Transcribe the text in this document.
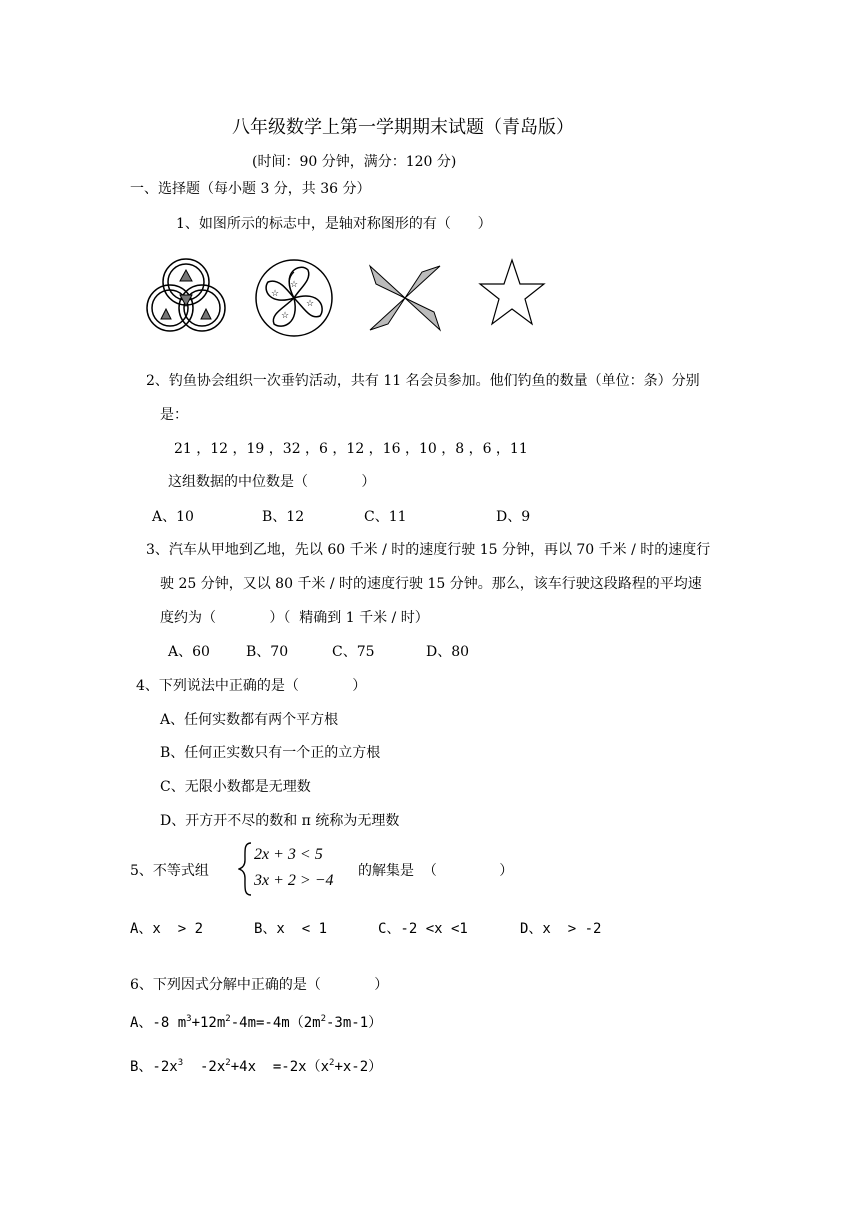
八年级数学上第一学期期末试题（青岛版）
(时间：90 分钟，满分：120 分)
一、选择题（每小题 3 分，共 36 分）
1、如图所示的标志中，是轴对称图形的有（      ）
☆
☆
☆
☆
2、钓鱼协会组织一次垂钓活动，共有 11 名会员参加。他们钓鱼的数量（单位：条）分别
是：
21 ，12 ，19 ，32 ，6 ，12 ，16 ，10 ，8 ，6 ，11
这组数据的中位数是（            ）
A、10	B、12	C、11	D、9
3、汽车从甲地到乙地，先以 60 千米 / 时的速度行驶 15 分钟，再以 70 千米 / 时的速度行
驶 25 分钟，又以 80 千米 / 时的速度行驶 15 分钟。那么，该车行驶这段路程的平均速
度约为（            ）（  精确到 1 千米 / 时）
A、60	B、70	C、75	D、80
4、下列说法中正确的是（            ）
A、任何实数都有两个平方根
B、任何正实数只有一个正的立方根
C、无限小数都是无理数
D、开方开不尽的数和 π 统称为无理数
5、不等式组
2x + 3 < 5
3x + 2 > −4
的解集是  （              ）
A、x  > 2	B、x  < 1	C、-2 <x <1	D、x  > -2
6、下列因式分解中正确的是（            ）
A、-8 $m^3+12m^2-4m=-4m(2m^2-3m-1)$
B、$-2x^3$  $-2x^2+4x =-2x(x^2+x-2)$
